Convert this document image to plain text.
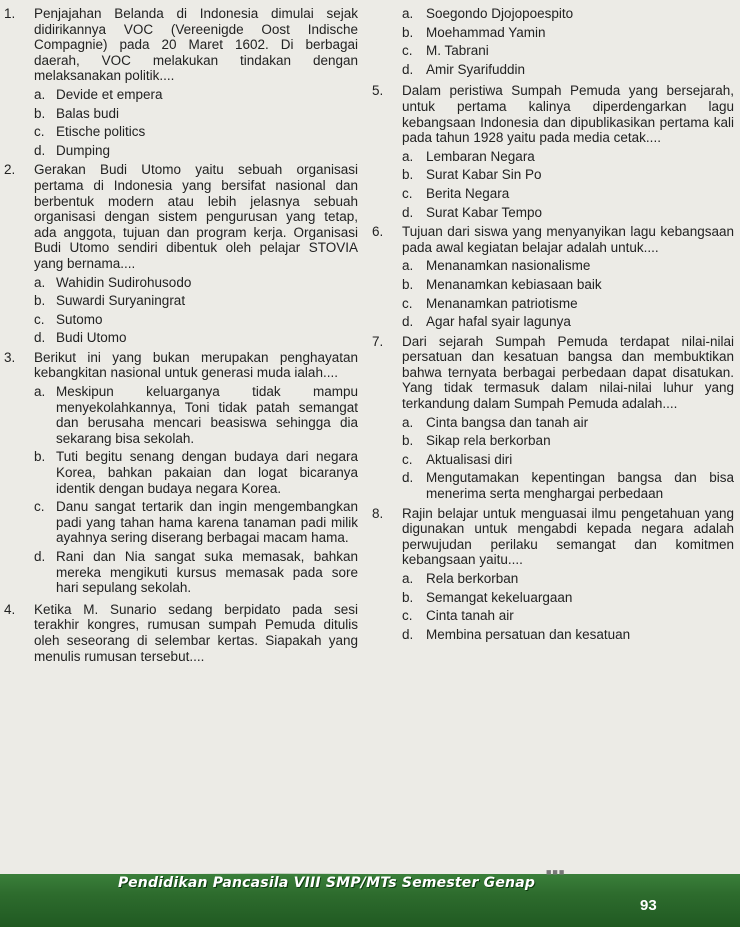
1.	Penjajahan Belanda di Indonesia dimulai sejak didirikannya VOC (Vereenigde Oost Indische Compagnie) pada 20 Maret 1602. Di berbagai daerah, VOC melakukan tindakan dengan melaksanakan politik....
a. Devide et empera
b. Balas budi
c. Etische politics
d. Dumping
2.	Gerakan Budi Utomo yaitu sebuah organisasi pertama di Indonesia yang bersifat nasional dan berbentuk modern atau lebih jelasnya sebuah organisasi dengan sistem pengurusan yang tetap, ada anggota, tujuan dan program kerja. Organisasi Budi Utomo sendiri dibentuk oleh pelajar STOVIA yang bernama....
a. Wahidin Sudirohusodo
b. Suwardi Suryaningrat
c. Sutomo
d. Budi Utomo
3.	Berikut ini yang bukan merupakan penghayatan kebangkitan nasional untuk generasi muda ialah....
a. Meskipun keluarganya tidak mampu menyekolahkannya, Toni tidak patah semangat dan berusaha mencari beasiswa sehingga dia sekarang bisa sekolah.
b. Tuti begitu senang dengan budaya dari negara Korea, bahkan pakaian dan logat bicaranya identik dengan budaya negara Korea.
c. Danu sangat tertarik dan ingin mengembangkan padi yang tahan hama karena tanaman padi milik ayahnya sering diserang berbagai macam hama.
d. Rani dan Nia sangat suka memasak, bahkan mereka mengikuti kursus memasak pada sore hari sepulang sekolah.
4.	Ketika M. Sunario sedang berpidato pada sesi terakhir kongres, rumusan sumpah Pemuda ditulis oleh seseorang di selembar kertas. Siapakah yang menulis rumusan tersebut....
a. Soegondo Djojopoespito
b. Moehammad Yamin
c. M. Tabrani
d. Amir Syarifuddin
5.	Dalam peristiwa Sumpah Pemuda yang bersejarah, untuk pertama kalinya diperdengarkan lagu kebangsaan Indonesia dan dipublikasikan pertama kali pada tahun 1928 yaitu pada media cetak....
a. Lembaran Negara
b. Surat Kabar Sin Po
c. Berita Negara
d. Surat Kabar Tempo
6.	Tujuan dari siswa yang menyanyikan lagu kebangsaan pada awal kegiatan belajar adalah untuk....
a. Menanamkan nasionalisme
b. Menanamkan kebiasaan baik
c. Menanamkan patriotisme
d. Agar hafal syair lagunya
7.	Dari sejarah Sumpah Pemuda terdapat nilai-nilai persatuan dan kesatuan bangsa dan membuktikan bahwa ternyata berbagai perbedaan dapat disatukan. Yang tidak termasuk dalam nilai-nilai luhur yang terkandung dalam Sumpah Pemuda adalah....
a. Cinta bangsa dan tanah air
b. Sikap rela berkorban
c. Aktualisasi diri
d. Mengutamakan kepentingan bangsa dan bisa menerima serta menghargai perbedaan
8.	Rajin belajar untuk menguasai ilmu pengetahuan yang digunakan untuk mengabdi kepada negara adalah perwujudan perilaku semangat dan komitmen kebangsaan yaitu....
a. Rela berkorban
b. Semangat kekeluargaan
c. Cinta tanah air
d. Membina persatuan dan kesatuan
■■■
Pendidikan Pancasila VIII SMP/MTs Semester Genap
93
